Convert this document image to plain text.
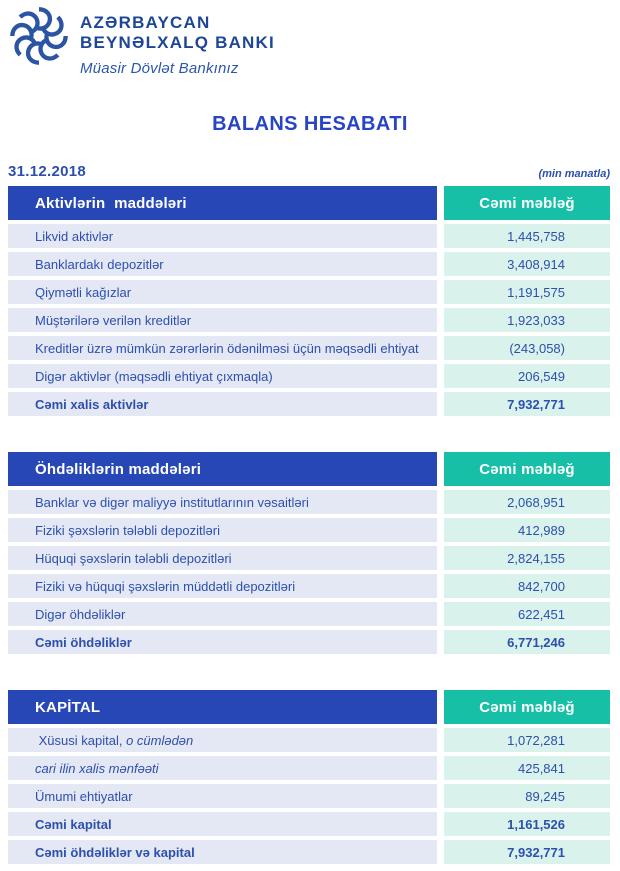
AZƏRBAYCAN
BEYNƏLXALQ BANKI
Müasir Dövlət Bankınız
BALANS HESABATI
31.12.2018	(min manatla)
Aktivlərin  maddələri	Cəmi məbləğ
Likvid aktivlər	1,445,758
Banklardakı depozitlər	3,408,914
Qiymətli kağızlar	1,191,575
Müştərilərə verilən kreditlər	1,923,033
Kreditlər üzrə mümkün zərərlərin ödənilməsi üçün məqsədli ehtiyat	(243,058)
Digər aktivlər (məqsədli ehtiyat çıxmaqla)	206,549
Cəmi xalis aktivlər	7,932,771
Öhdəliklərin maddələri	Cəmi məbləğ
Banklar və digər maliyyə institutlarının vəsaitləri	2,068,951
Fiziki şəxslərin tələbli depozitləri	412,989
Hüquqi şəxslərin tələbli depozitləri	2,824,155
Fiziki və hüquqi şəxslərin müddətli depozitləri	842,700
Digər öhdəliklər	622,451
Cəmi öhdəliklər	6,771,246
KAPİTAL	Cəmi məbləğ
Xüsusi kapital, o cümlədən	1,072,281
cari ilin xalis mənfəəti	425,841
Ümumi ehtiyatlar	89,245
Cəmi kapital	1,161,526
Cəmi öhdəliklər və kapital	7,932,771
